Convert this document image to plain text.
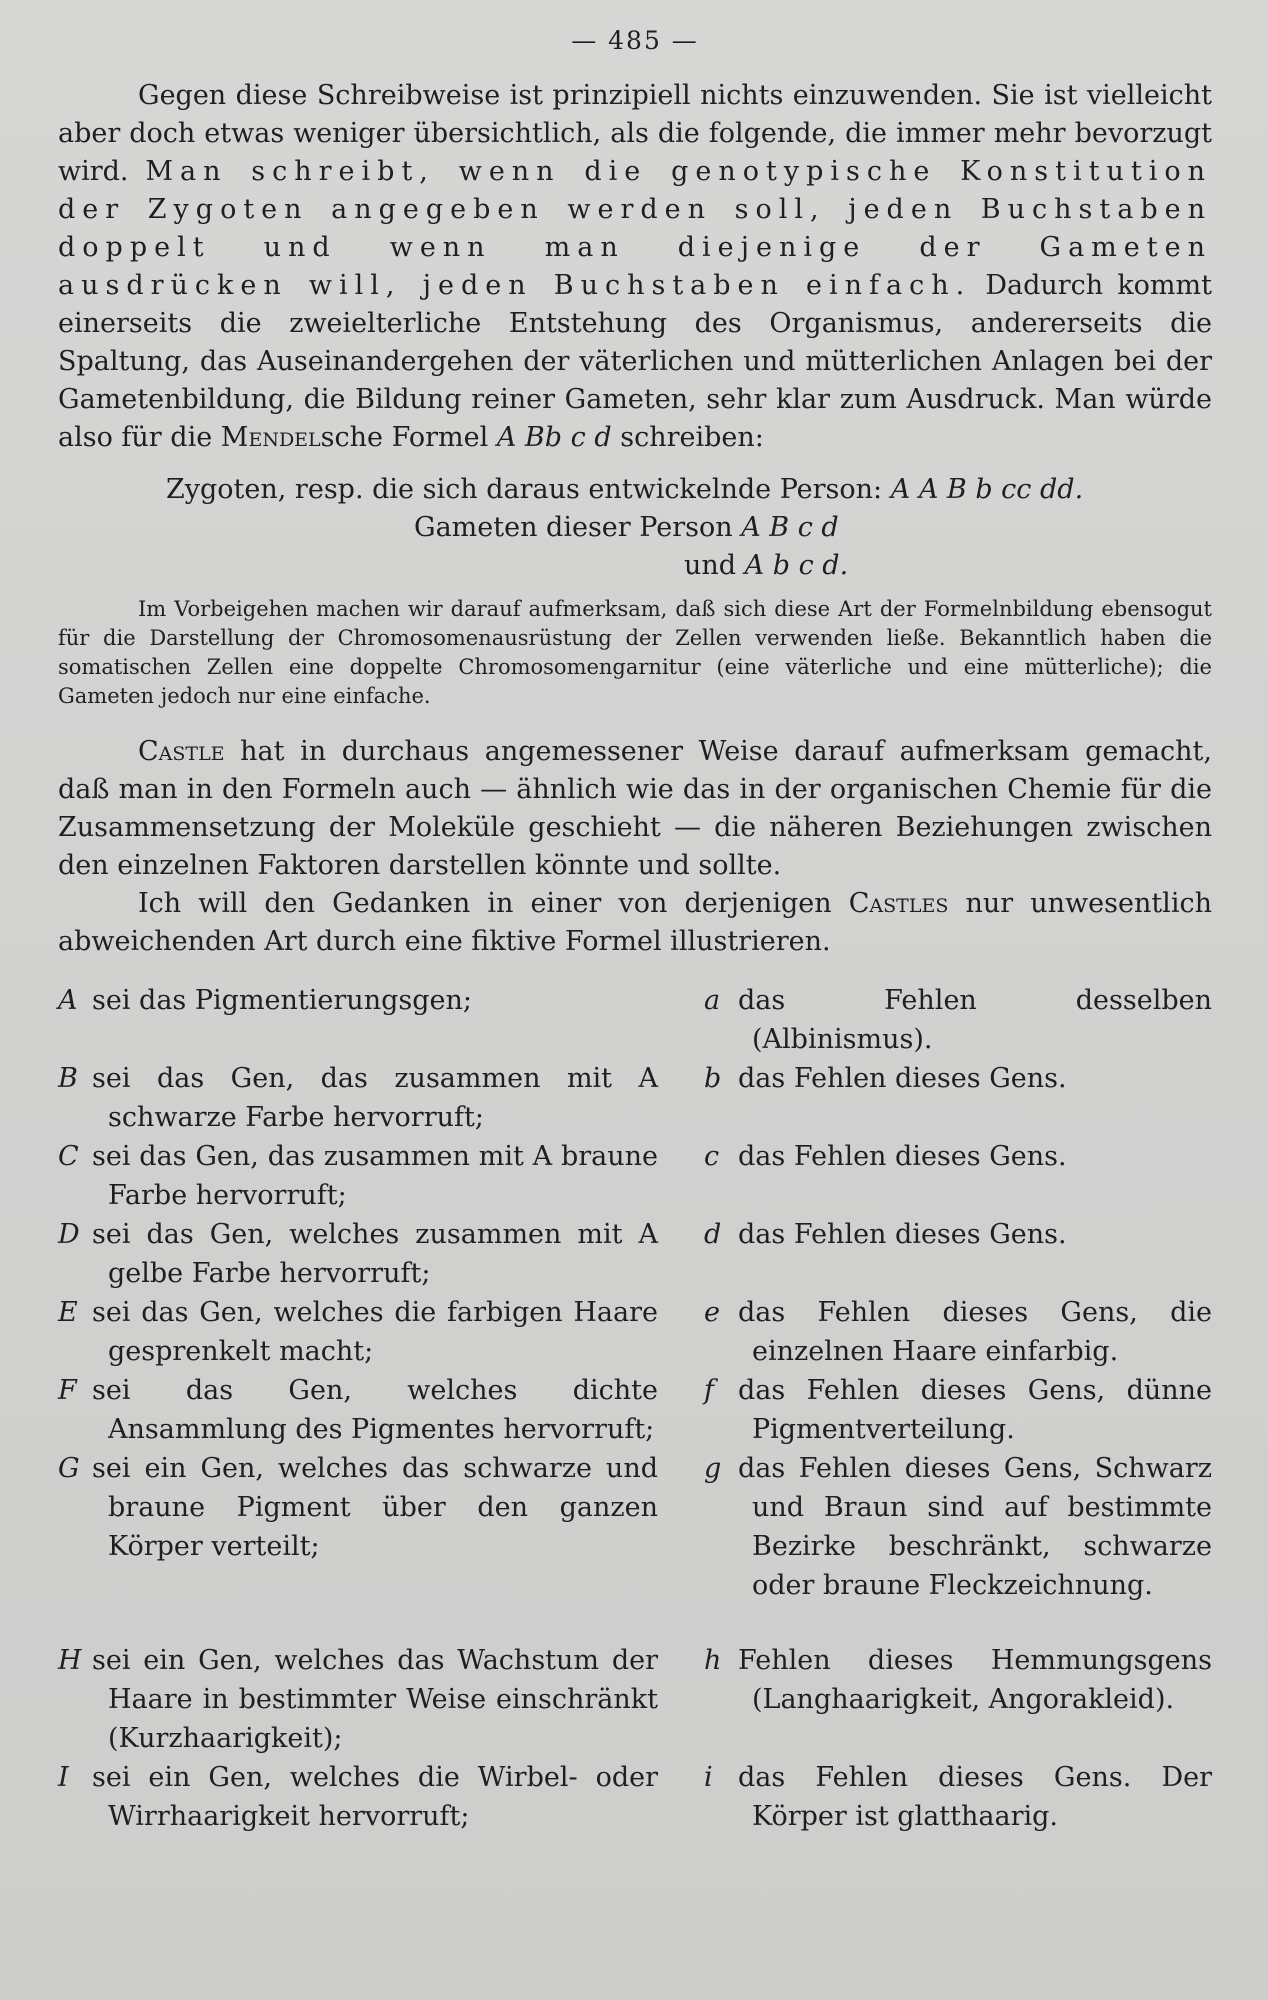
— 485 —

Gegen diese Schreibweise ist prinzipiell nichts einzuwenden. Sie ist vielleicht aber doch etwas weniger übersichtlich, als die folgende, die immer mehr bevorzugt wird. Man schreibt, wenn die genotypische Konstitution der Zygoten angegeben werden soll, jeden Buchstaben doppelt und wenn man diejenige der Gameten ausdrücken will, jeden Buchstaben einfach. Dadurch kommt einerseits die zweielterliche Entstehung des Organismus, andererseits die Spaltung, das Auseinandergehen der väterlichen und mütterlichen Anlagen bei der Gametenbildung, die Bildung reiner Gameten, sehr klar zum Ausdruck. Man würde also für die Mendelsche Formel A Bb c d schreiben:

Zygoten, resp. die sich daraus entwickelnde Person: A A B b cc dd.
Gameten dieser Person A B c d
und A b c d.

Im Vorbeigehen machen wir darauf aufmerksam, daß sich diese Art der Formelnbildung ebensogut für die Darstellung der Chromosomenausrüstung der Zellen verwenden ließe. Bekanntlich haben die somatischen Zellen eine doppelte Chromosomengarnitur (eine väterliche und eine mütterliche); die Gameten jedoch nur eine einfache.

Castle hat in durchaus angemessener Weise darauf aufmerksam gemacht, daß man in den Formeln auch — ähnlich wie das in der organischen Chemie für die Zusammensetzung der Moleküle geschieht — die näheren Beziehungen zwischen den einzelnen Faktoren darstellen könnte und sollte.

Ich will den Gedanken in einer von derjenigen Castles nur unwesentlich abweichenden Art durch eine fiktive Formel illustrieren.

A sei das Pigmentierungsgen;	a das Fehlen desselben (Albinismus).
B sei das Gen, das zusammen mit A schwarze Farbe hervorruft;
b das Fehlen dieses Gens.
C sei das Gen, das zusammen mit A braune Farbe hervorruft;
c das Fehlen dieses Gens.
D sei das Gen, welches zusammen mit A gelbe Farbe hervorruft;
d das Fehlen dieses Gens.
E sei das Gen, welches die farbigen Haare gesprenkelt macht;
e das Fehlen dieses Gens, die einzelnen Haare einfarbig.
F sei das Gen, welches dichte Ansammlung des Pigmentes hervorruft;
f das Fehlen dieses Gens, dünne Pigmentverteilung.
G sei ein Gen, welches das schwarze und braune Pigment über den ganzen Körper verteilt;
g das Fehlen dieses Gens, Schwarz und Braun sind auf bestimmte Bezirke beschränkt, schwarze oder braune Fleckzeichnung.
H sei ein Gen, welches das Wachstum der Haare in bestimmter Weise einschränkt (Kurzhaarigkeit);
h Fehlen dieses Hemmungsgens (Langhaarigkeit, Angorakleid).
I sei ein Gen, welches die Wirbel- oder Wirrhaarigkeit hervorruft;
i das Fehlen dieses Gens. Der Körper ist glatthaarig.
